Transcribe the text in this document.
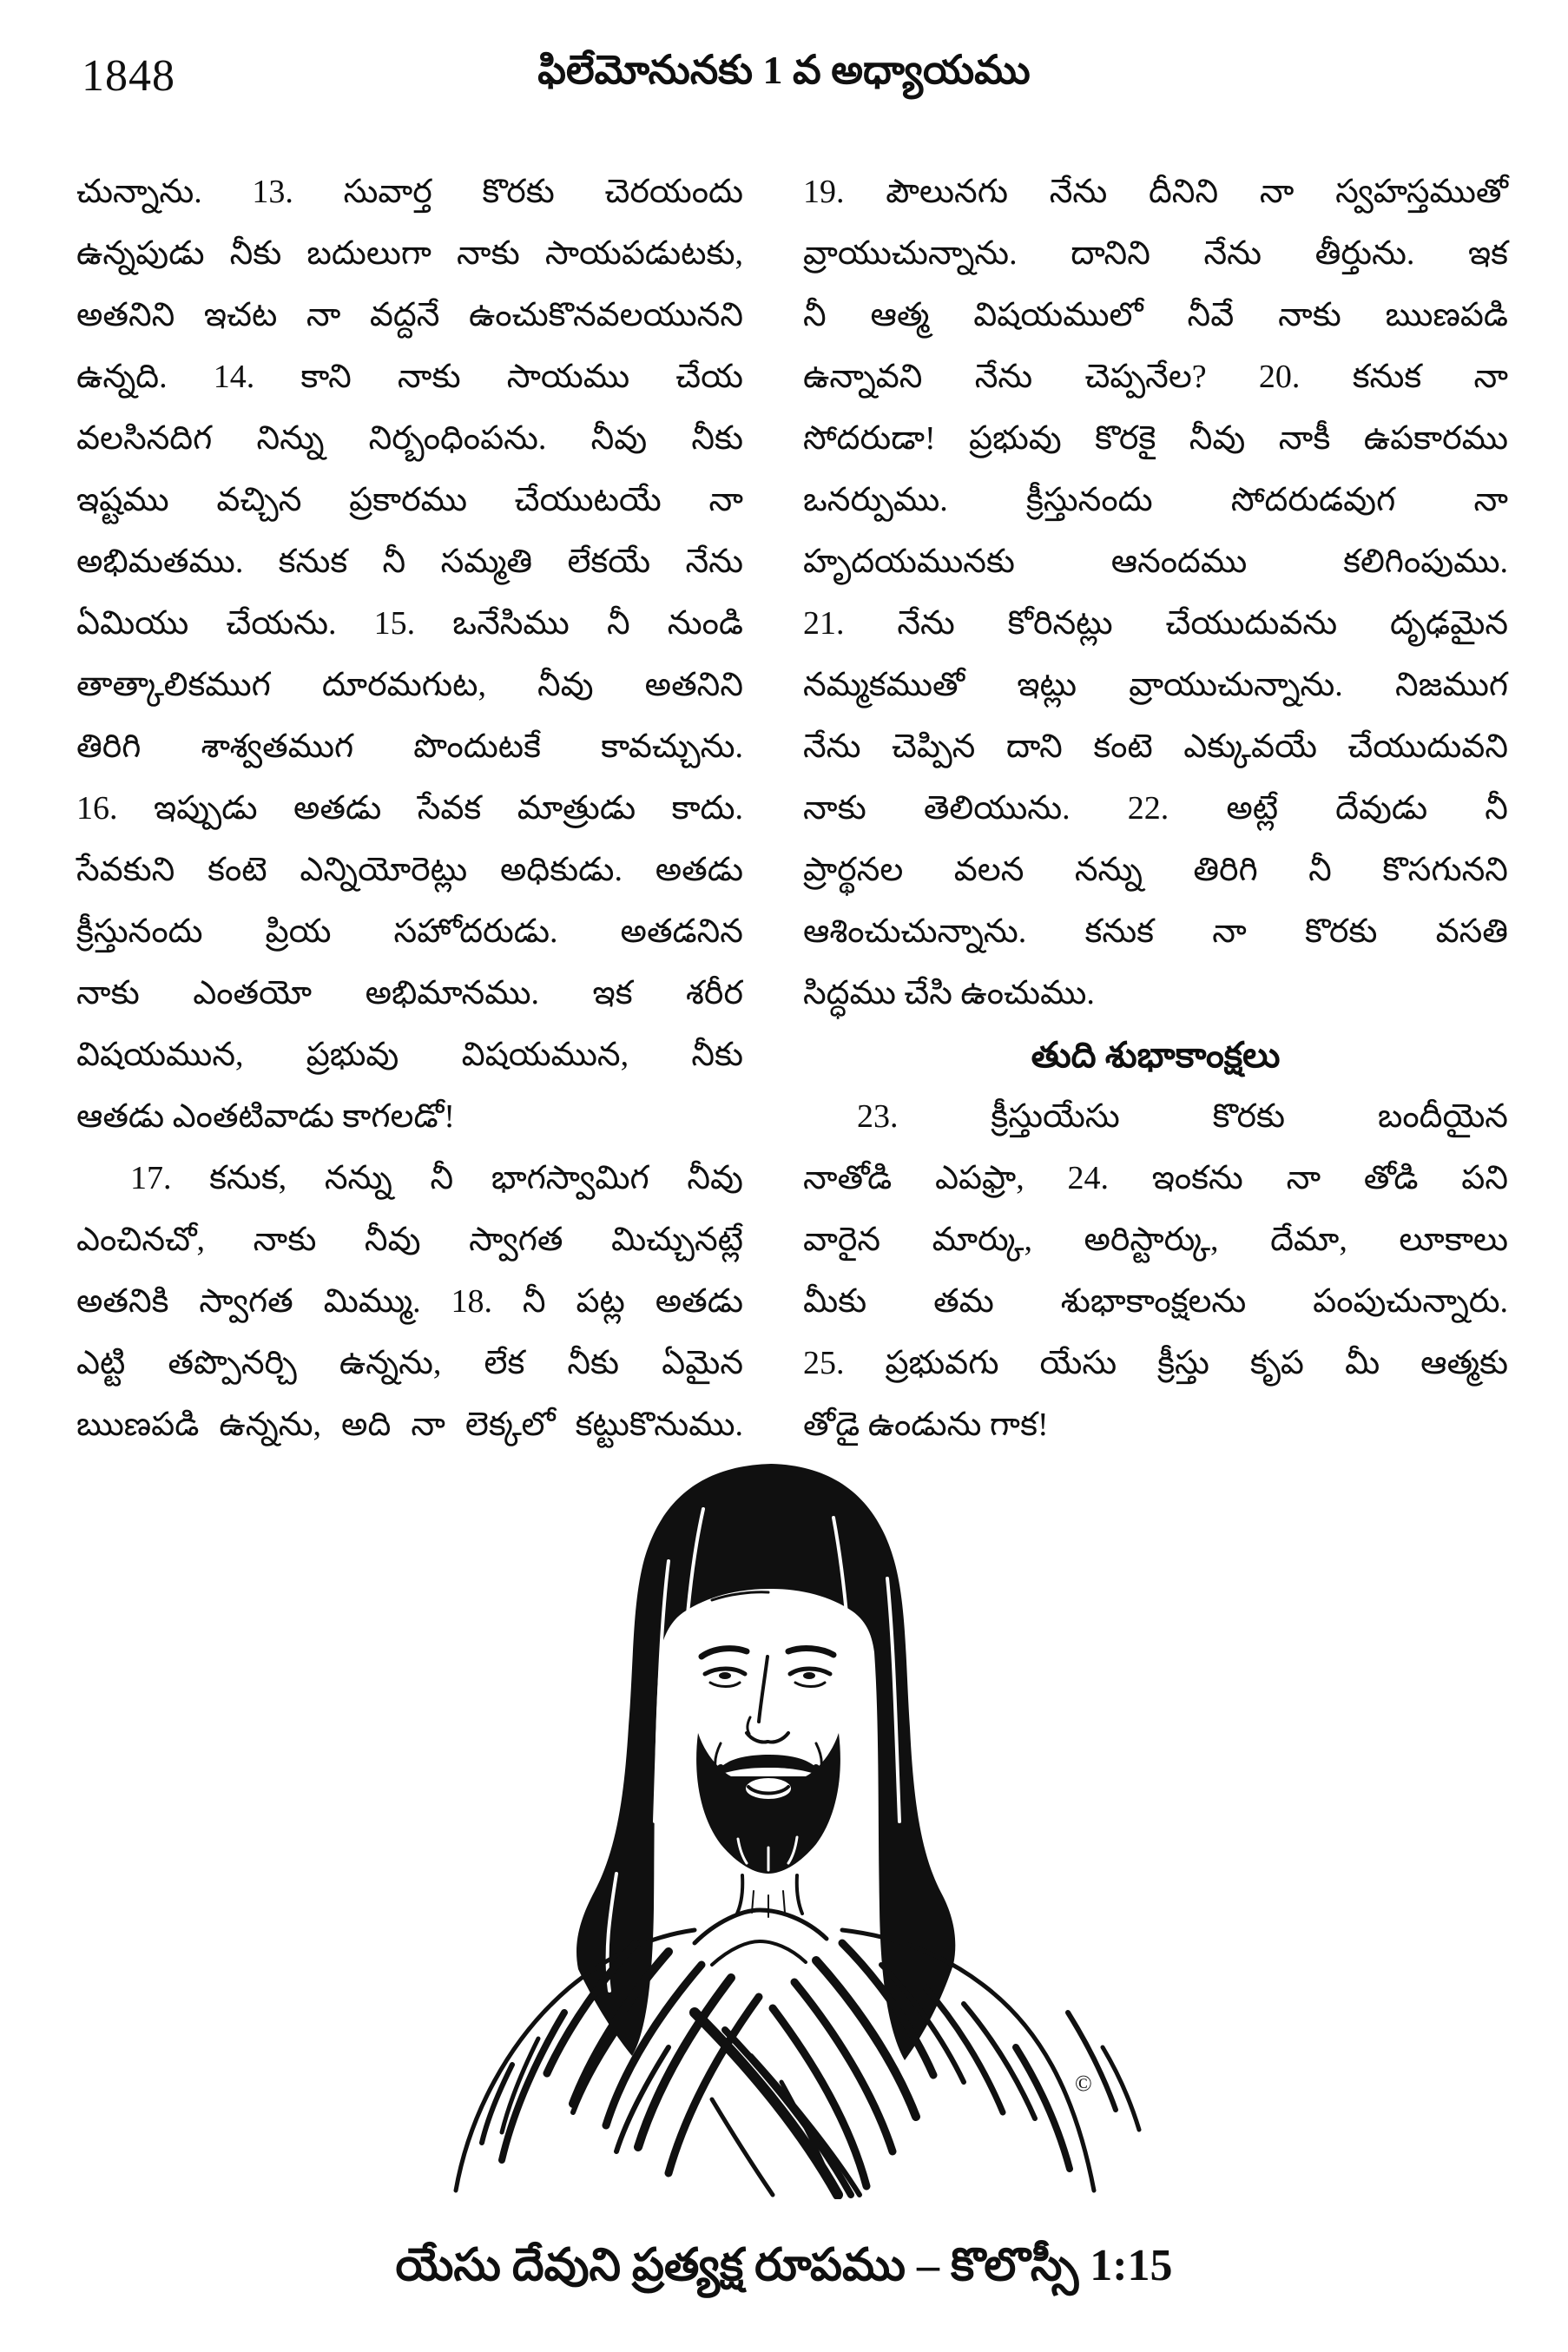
1848	ఫిలేమోనునకు 1 వ అధ్యాయము
చున్నాను. 13. సువార్త కొరకు చెరయందు
ఉన్నపుడు నీకు బదులుగా నాకు సాయపడుటకు,
అతనిని ఇచట నా వద్దనే ఉంచుకొనవలయునని
ఉన్నది. 14. కాని నాకు సాయము చేయ
వలసినదిగ నిన్ను నిర్బంధింపను. నీవు నీకు
ఇష్టము వచ్చిన ప్రకారము చేయుటయే నా
అభిమతము. కనుక నీ సమ్మతి లేకయే నేను
ఏమియు చేయను. 15. ఒనేసిము నీ నుండి
తాత్కాలికముగ దూరమగుట, నీవు అతనిని
తిరిగి శాశ్వతముగ పొందుటకే కావచ్చును.
16. ఇప్పుడు అతడు సేవక మాత్రుడు కాదు.
సేవకుని కంటె ఎన్నియోరెట్లు అధికుడు. అతడు
క్రీస్తునందు ప్రియ సహోదరుడు. అతడనిన
నాకు ఎంతయో అభిమానము. ఇక శరీర
విషయమున, ప్రభువు విషయమున, నీకు
ఆతడు ఎంతటివాడు కాగలడో!
17. కనుక, నన్ను నీ భాగస్వామిగ నీవు
ఎంచినచో, నాకు నీవు స్వాగత మిచ్చునట్లే
అతనికి స్వాగత మిమ్ము. 18. నీ పట్ల అతడు
ఎట్టి తప్పొనర్చి ఉన్నను, లేక నీకు ఏమైన
ఋణపడి ఉన్నను, అది నా లెక్కలో కట్టుకొనుము.
19. పౌలునగు నేను దీనిని నా స్వహస్తముతో
వ్రాయుచున్నాను. దానిని నేను తీర్తును. ఇక
నీ ఆత్మ విషయములో నీవే నాకు ఋణపడి
ఉన్నావని నేను చెప్పనేల? 20. కనుక నా
సోదరుడా! ప్రభువు కొరకై నీవు నాకీ ఉపకారము
ఒనర్పుము. క్రీస్తునందు సోదరుడవుగ నా
హృదయమునకు ఆనందము కలిగింపుము.
21. నేను కోరినట్లు చేయుదువను దృఢమైన
నమ్మకముతో ఇట్లు వ్రాయుచున్నాను. నిజముగ
నేను చెప్పిన దాని కంటె ఎక్కువయే చేయుదువని
నాకు తెలియును. 22. అట్లే దేవుడు నీ
ప్రార్థనల వలన నన్ను తిరిగి నీ కొసగునని
ఆశించుచున్నాను. కనుక నా కొరకు వసతి
సిద్ధము చేసి ఉంచుము.
తుది శుభాకాంక్షలు
23. క్రీస్తుయేసు కొరకు బందీయైన
నాతోడి ఎపఫ్రా, 24. ఇంకను నా తోడి పని
వారైన మార్కు, అరిస్టార్కు, దేమా, లూకాలు
మీకు తమ శుభాకాంక్షలను పంపుచున్నారు.
25. ప్రభువగు యేసు క్రీస్తు కృప మీ ఆత్మకు
తోడై ఉండును గాక!
©
యేసు దేవుని ప్రత్యక్ష రూపము – కొలొస్సీ 1:15
